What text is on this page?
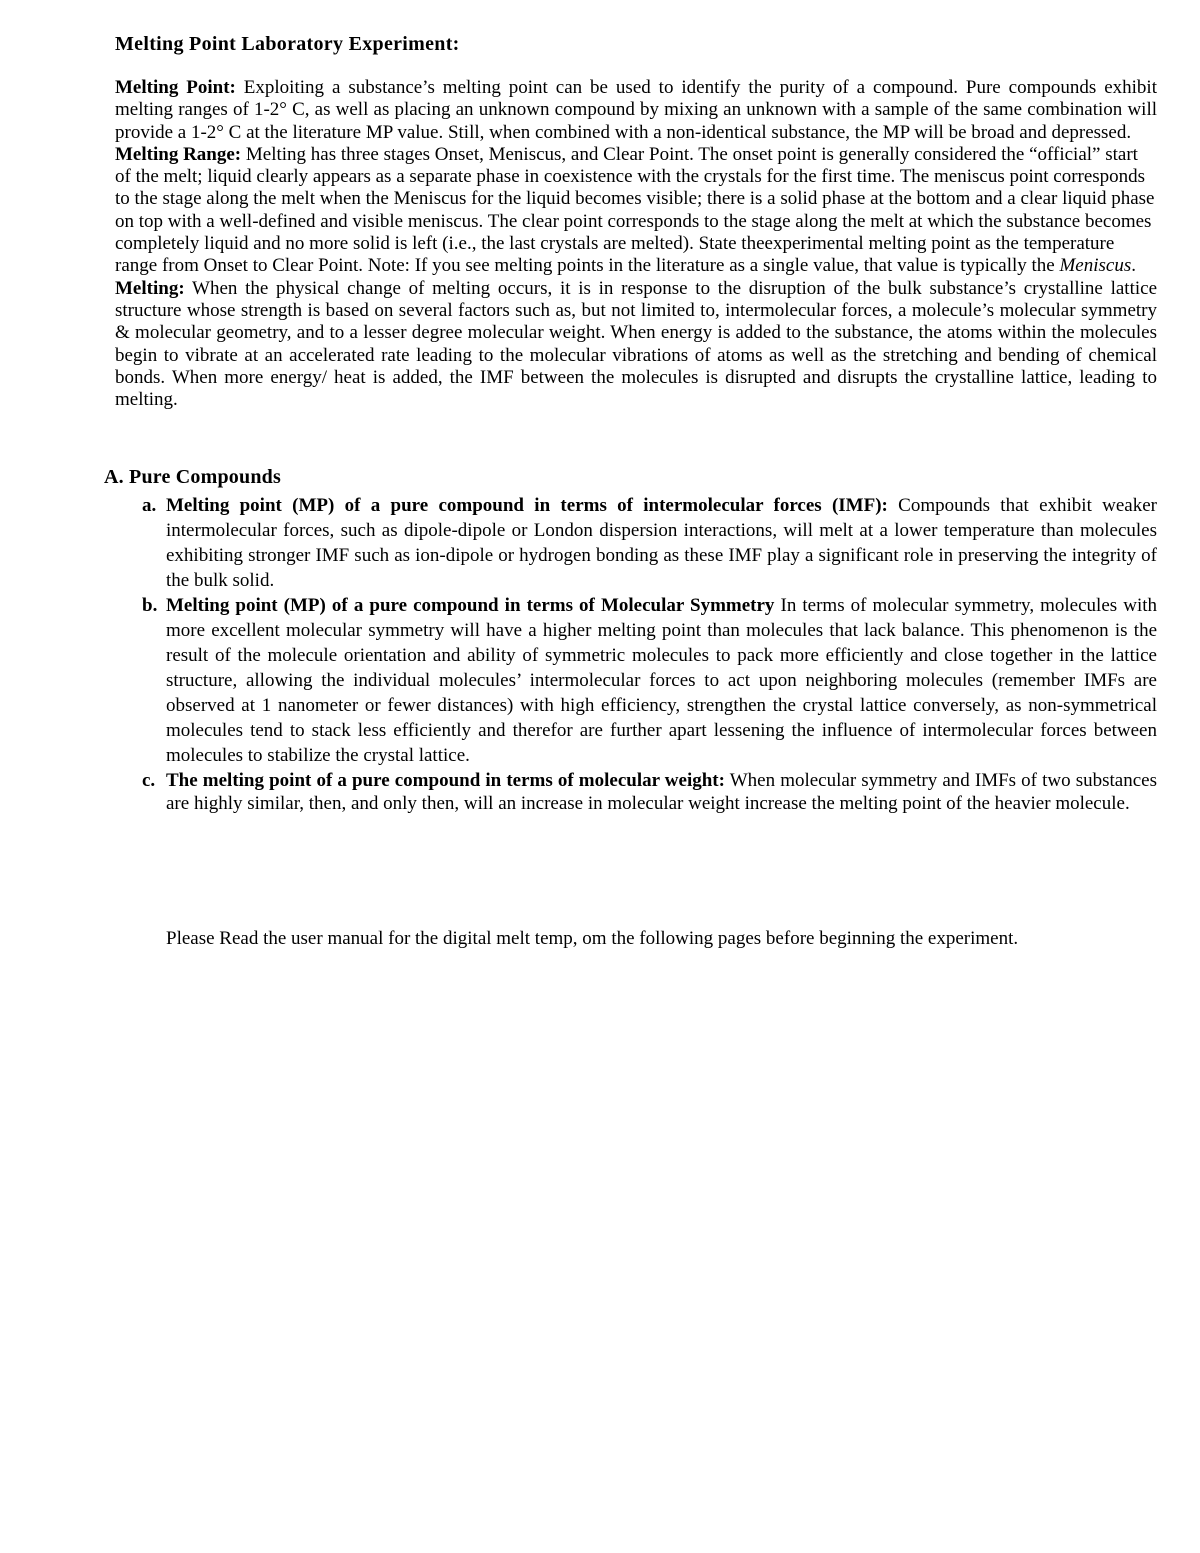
Melting Point Laboratory Experiment:

Melting Point: Exploiting a substance’s melting point can be used to identify the purity of a compound. Pure compounds exhibit melting ranges of 1-2° C, as well as placing an unknown compound by mixing an unknown with a sample of the same combination will provide a 1-2° C at the literature MP value. Still, when combined with a non-identical substance, the MP will be broad and depressed.

Melting Range: Melting has three stages Onset, Meniscus, and Clear Point. The onset point is generally considered the “official” start of the melt; liquid clearly appears as a separate phase in coexistence with the crystals for the first time. The meniscus point corresponds to the stage along the melt when the Meniscus for the liquid becomes visible; there is a solid phase at the bottom and a clear liquid phase on top with a well-defined and visible meniscus. The clear point corresponds to the stage along the melt at which the substance becomes completely liquid and no more solid is left (i.e., the last crystals are melted). State theexperimental melting point as the temperature range from Onset to Clear Point. Note: If you see melting points in the literature as a single value, that value is typically the Meniscus.

Melting: When the physical change of melting occurs, it is in response to the disruption of the bulk substance’s crystalline lattice structure whose strength is based on several factors such as, but not limited to, intermolecular forces, a molecule’s molecular symmetry & molecular geometry, and to a lesser degree molecular weight. When energy is added to the substance, the atoms within the molecules begin to vibrate at an accelerated rate leading to the molecular vibrations of atoms as well as the stretching and bending of chemical bonds. When more energy/ heat is added, the IMF between the molecules is disrupted and disrupts the crystalline lattice, leading to melting.

A. Pure Compounds
a. Melting point (MP) of a pure compound in terms of intermolecular forces (IMF): Compounds that exhibit weaker intermolecular forces, such as dipole-dipole or London dispersion interactions, will melt at a lower temperature than molecules exhibiting stronger IMF such as ion-dipole or hydrogen bonding as these IMF play a significant role in preserving the integrity of the bulk solid.
b. Melting point (MP) of a pure compound in terms of Molecular Symmetry In terms of molecular symmetry, molecules with more excellent molecular symmetry will have a higher melting point than molecules that lack balance. This phenomenon is the result of the molecule orientation and ability of symmetric molecules to pack more efficiently and close together in the lattice structure, allowing the individual molecules’ intermolecular forces to act upon neighboring molecules (remember IMFs are observed at 1 nanometer or fewer distances) with high efficiency, strengthen the crystal lattice conversely, as non-symmetrical molecules tend to stack less efficiently and therefor are further apart lessening the influence of intermolecular forces between molecules to stabilize the crystal lattice.
c. The melting point of a pure compound in terms of molecular weight: When molecular symmetry and IMFs of two substances are highly similar, then, and only then, will an increase in molecular weight increase the melting point of the heavier molecule.

Please Read the user manual for the digital melt temp, om the following pages before beginning the experiment.
